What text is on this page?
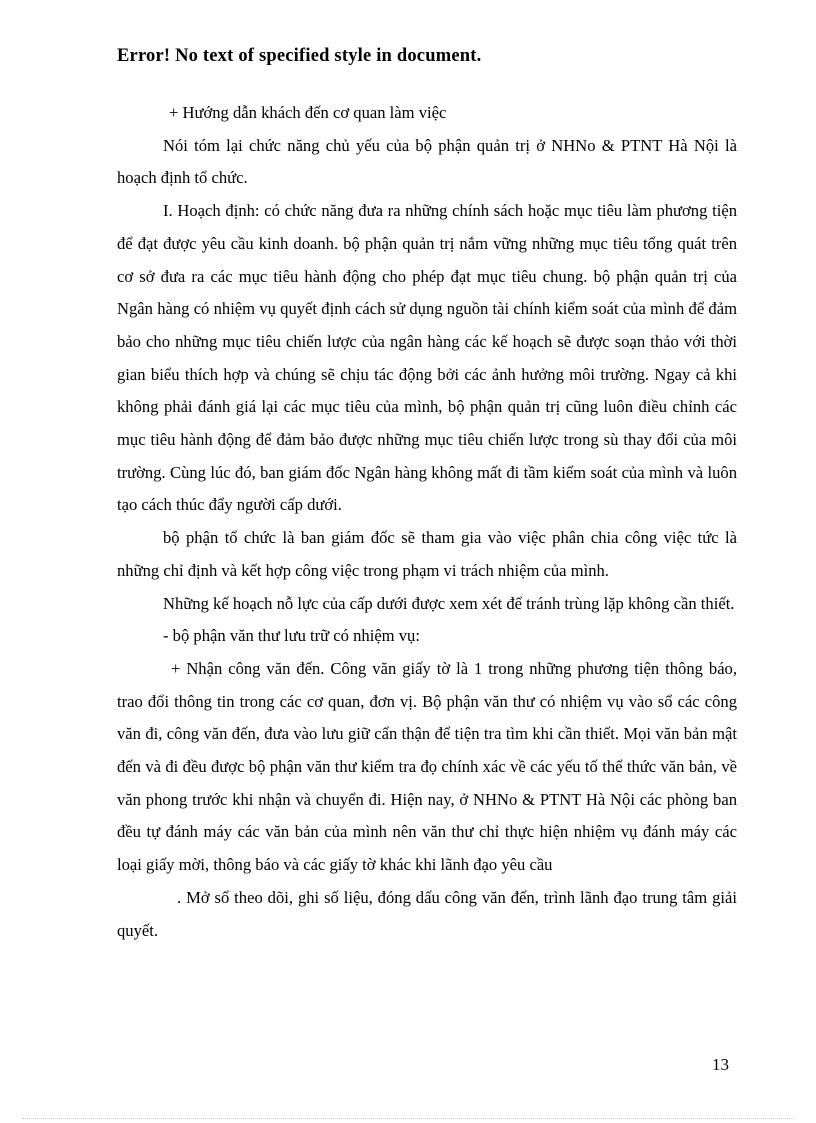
Error! No text of specified style in document.

+ Hướng dẫn khách đến cơ quan làm việc

Nói tóm lại chức năng chủ yếu của bộ phận quản trị ở NHNo & PTNT Hà Nội là hoạch định tổ chức.

I. Hoạch định: có chức năng đưa ra những chính sách hoặc mục tiêu làm phương tiện để đạt được yêu cầu kinh doanh. bộ phận quản trị nắm vững những mục tiêu tổng quát trên cơ sở đưa ra các mục tiêu hành động cho phép đạt mục tiêu chung. bộ phận quản trị của Ngân hàng có nhiệm vụ quyết định cách sử dụng nguồn tài chính kiểm soát của mình để đảm bảo cho những mục tiêu chiến lược của ngân hàng các kế hoạch sẽ được soạn thảo với thời gian biểu thích hợp và chúng sẽ chịu tác động bởi các ảnh hưởng môi trường. Ngay cả khi không phải đánh giá lại các mục tiêu của mình, bộ phận quản trị cũng luôn điều chỉnh các mục tiêu hành động để đảm bảo được những mục tiêu chiến lược trong sù thay đổi của môi trường. Cùng lúc đó, ban giám đốc Ngân hàng không mất đi tầm kiểm soát của mình và luôn tạo cách thúc đẩy người cấp dưới.

bộ phận tổ chức là ban giám đốc sẽ tham gia vào việc phân chia công việc tức là những chỉ định và kết hợp công việc trong phạm vi trách nhiệm của mình.

Những kế hoạch nỗ lực của cấp dưới được xem xét để tránh trùng lặp không cần thiết.

- bộ phận văn thư lưu trữ có nhiệm vụ:

+ Nhận công văn đến. Công văn giấy tờ là 1 trong những phương tiện thông báo, trao đổi thông tin trong các cơ quan, đơn vị. Bộ phận văn thư có nhiệm vụ vào sổ các công văn đi, công văn đến, đưa vào lưu giữ cẩn thận để tiện tra tìm khi cần thiết. Mọi văn bản mật đến và đi đều được bộ phận văn thư kiểm tra đọ chính xác về các yếu tố thể thức văn bản, về văn phong trước khi nhận và chuyển đi. Hiện nay, ở NHNo & PTNT Hà Nội các phòng ban đều tự đánh máy các văn bản của mình nên văn thư chỉ thực hiện nhiệm vụ đánh máy các loại giấy mời, thông báo và các giấy tờ khác khi lãnh đạo yêu cầu

. Mở sổ theo dõi, ghi số liệu, đóng dấu công văn đến, trình lãnh đạo trung tâm giải quyết.

13
